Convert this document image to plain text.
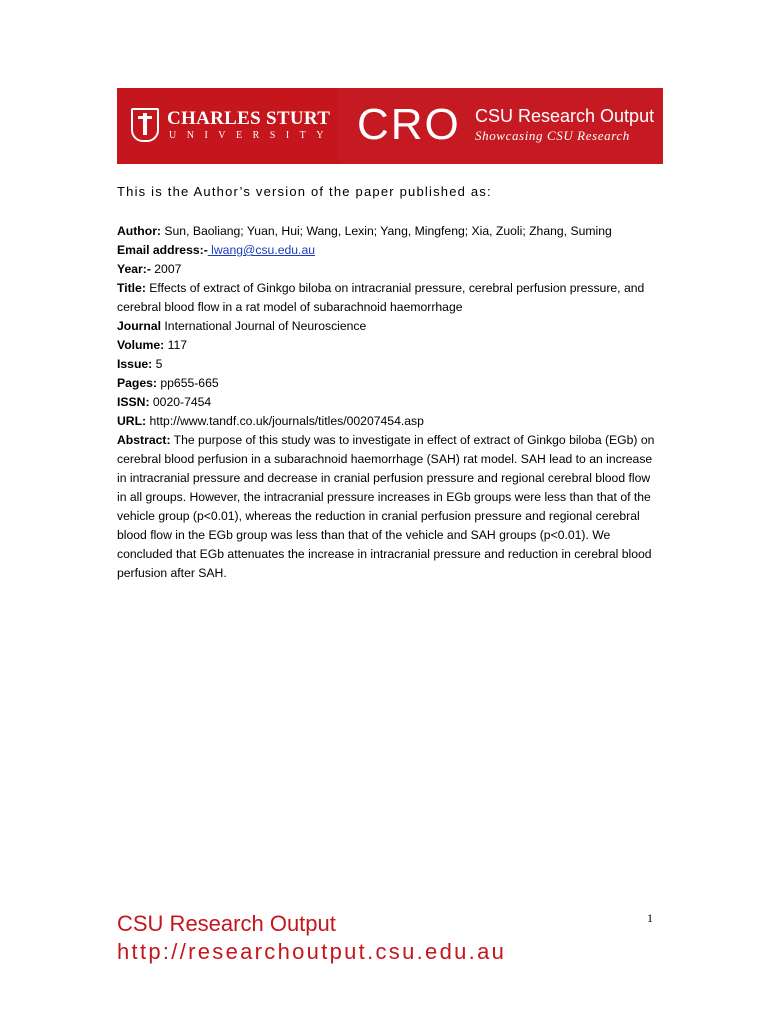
CHARLES STURT
UNIVERSITY CRO CSU Research Output
Showcasing CSU Research
This is the Author’s version of the paper published as:

Author: Sun, Baoliang; Yuan, Hui; Wang, Lexin; Yang, Mingfeng; Xia, Zuoli; Zhang, Suming

Email address:- lwang@csu.edu.au

Year:- 2007

Title: Effects of extract of Ginkgo biloba on intracranial pressure, cerebral perfusion pressure, and cerebral blood flow in a rat model of subarachnoid haemorrhage

Journal International Journal of Neuroscience

Volume: 117

Issue: 5

Pages: pp655-665

ISSN: 0020-7454

URL: http://www.tandf.co.uk/journals/titles/00207454.asp

Abstract: The purpose of this study was to investigate in effect of extract of Ginkgo biloba (EGb) on cerebral blood perfusion in a subarachnoid haemorrhage (SAH) rat model. SAH lead to an increase in intracranial pressure and decrease in cranial perfusion pressure and regional cerebral blood flow in all groups. However, the intracranial pressure increases in EGb groups were less than that of the vehicle group (p<0.01), whereas the reduction in cranial perfusion pressure and regional cerebral blood flow in the EGb group was less than that of the vehicle and SAH groups (p<0.01). We concluded that EGb attenuates the increase in intracranial pressure and reduction in cerebral blood perfusion after SAH.

1
CSU Research Output
http://researchoutput.csu.edu.au
